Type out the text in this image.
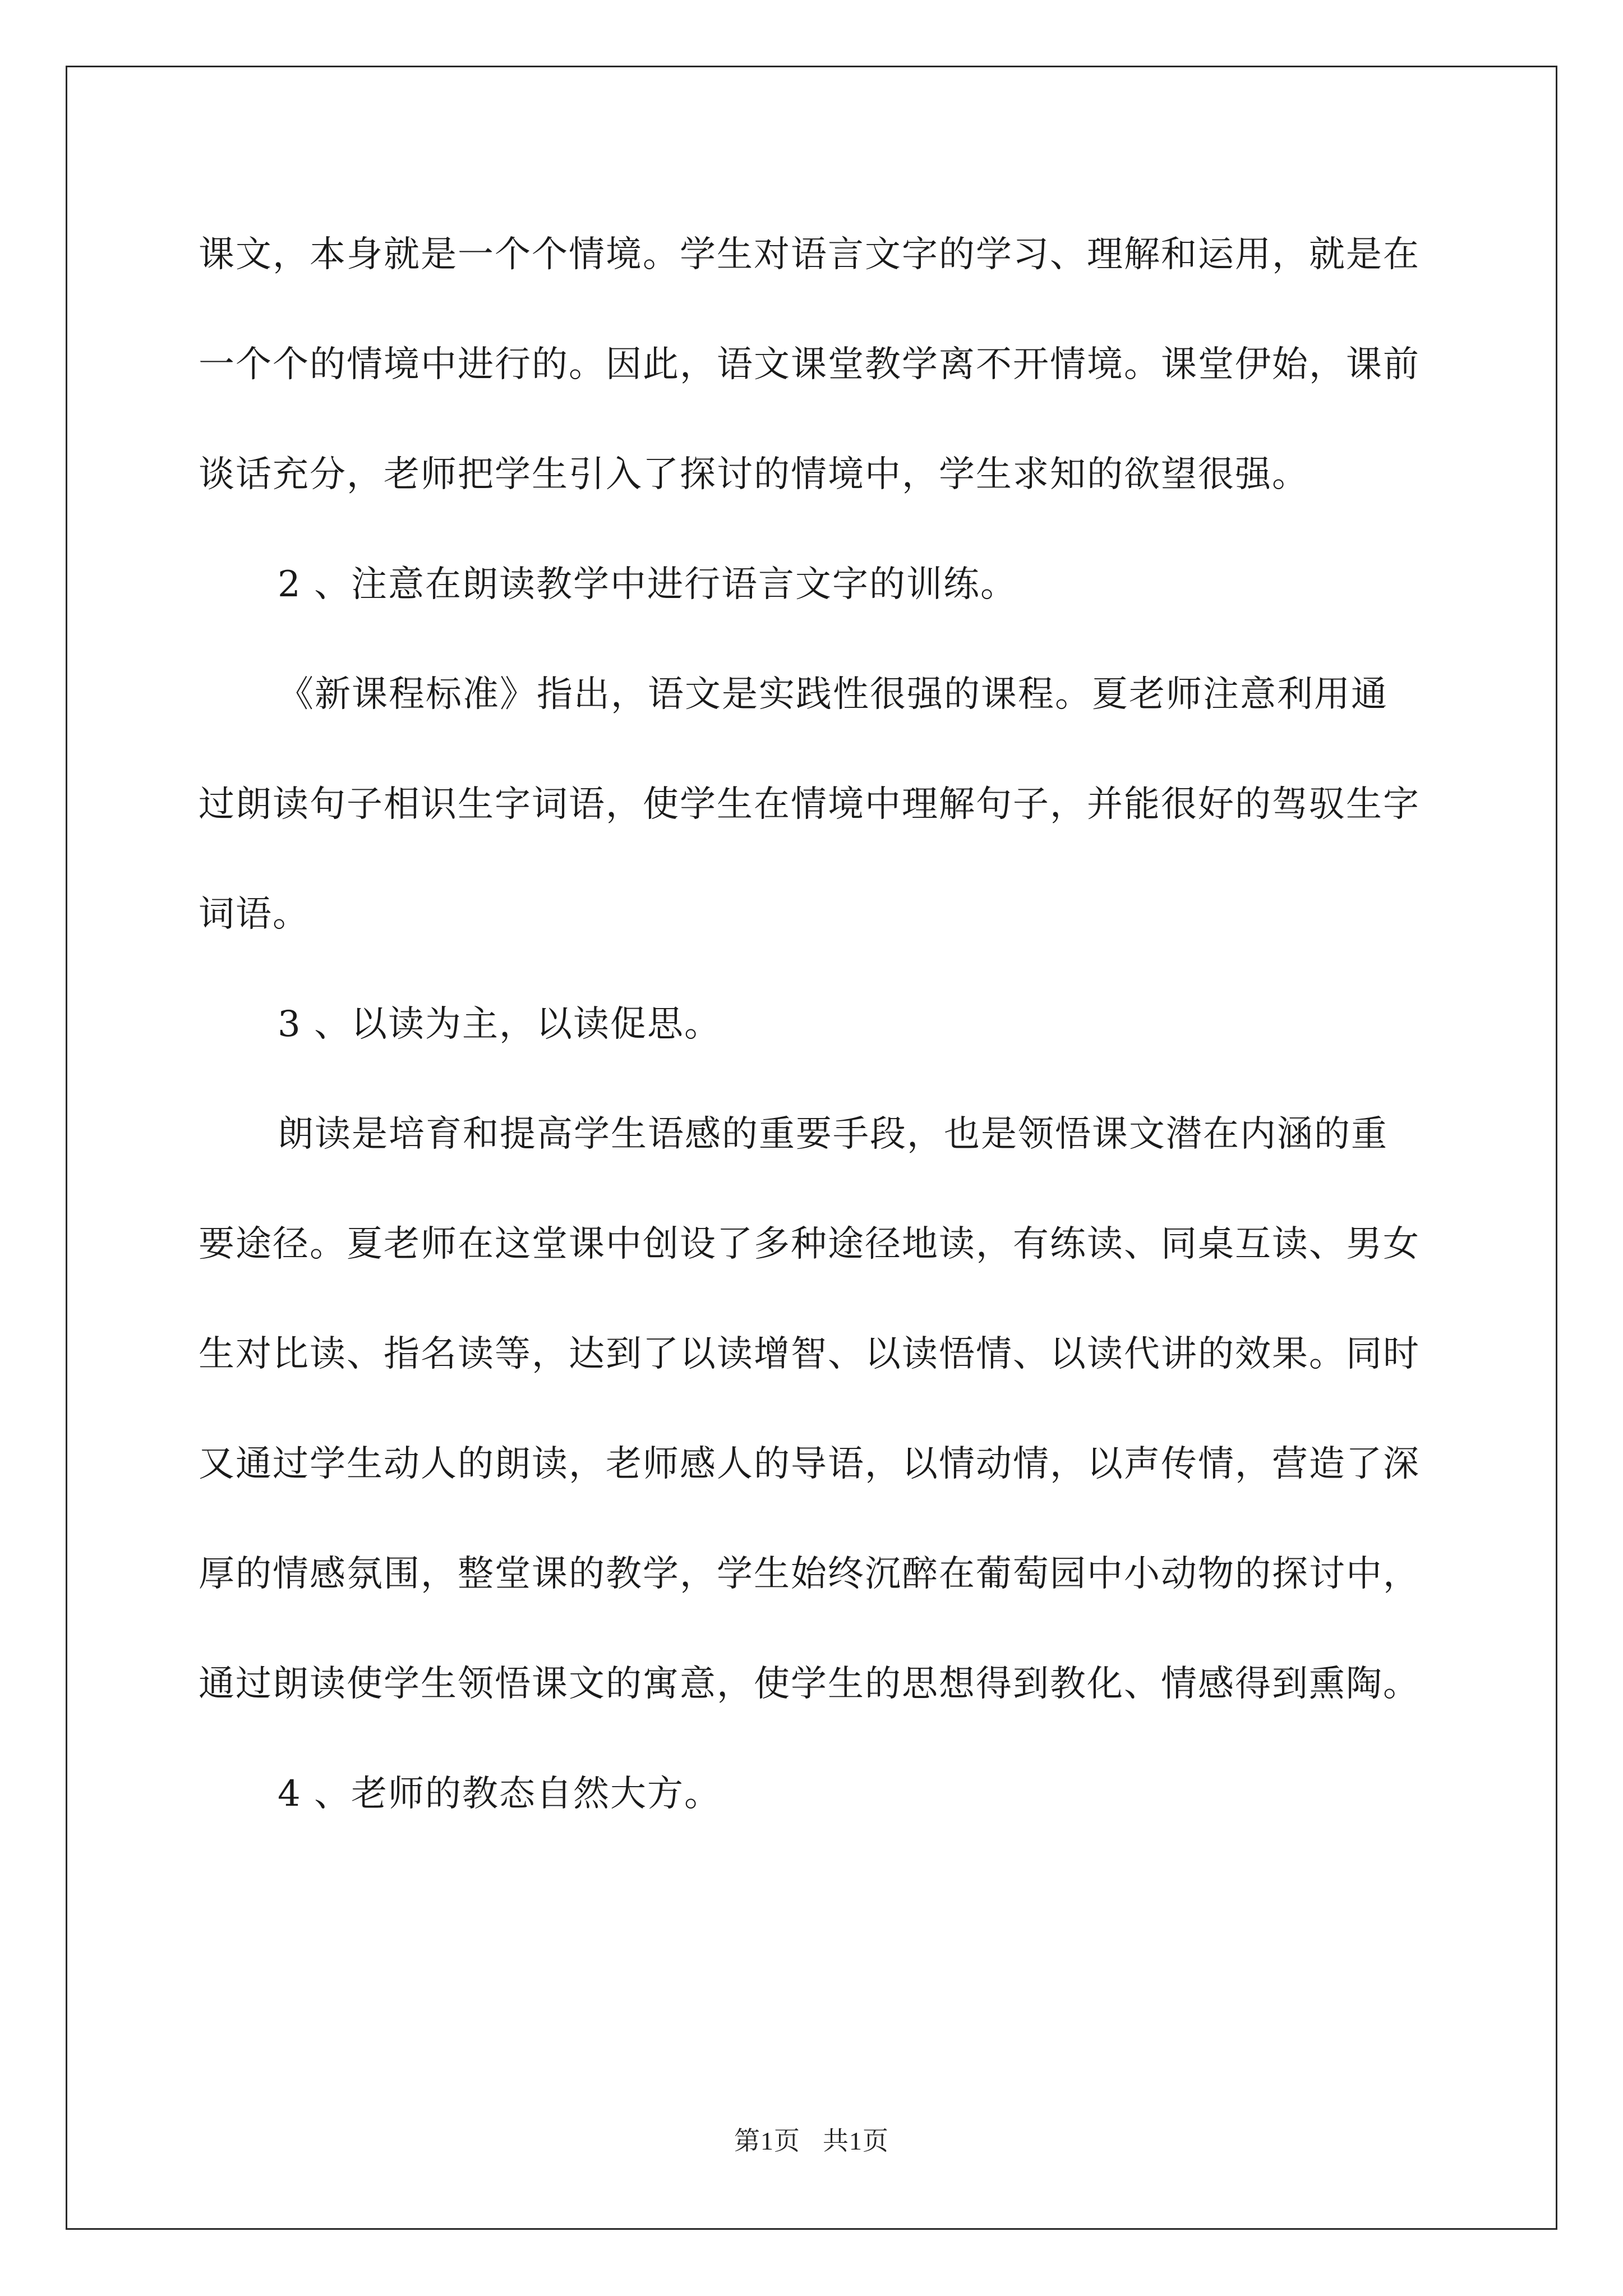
课文，本身就是一个个情境。学生对语言文字的学习、理解和运用，就是在一个个的情境中进行的。因此，语文课堂教学离不开情境。课堂伊始，课前谈话充分，老师把学生引入了探讨的情境中，学生求知的欲望很强。

2 、注意在朗读教学中进行语言文字的训练。

《新课程标准》指出，语文是实践性很强的课程。夏老师注意利用通过朗读句子相识生字词语，使学生在情境中理解句子，并能很好的驾驭生字词语。

3 、以读为主，以读促思。

朗读是培育和提高学生语感的重要手段，也是领悟课文潜在内涵的重要途径。夏老师在这堂课中创设了多种途径地读，有练读、同桌互读、男女生对比读、指名读等，达到了以读增智、以读悟情、以读代讲的效果。同时又通过学生动人的朗读，老师感人的导语，以情动情，以声传情，营造了深厚的情感氛围，整堂课的教学，学生始终沉醉在葡萄园中小动物的探讨中，通过朗读使学生领悟课文的寓意，使学生的思想得到教化、情感得到熏陶。

4 、老师的教态自然大方。

第1页 共1页
